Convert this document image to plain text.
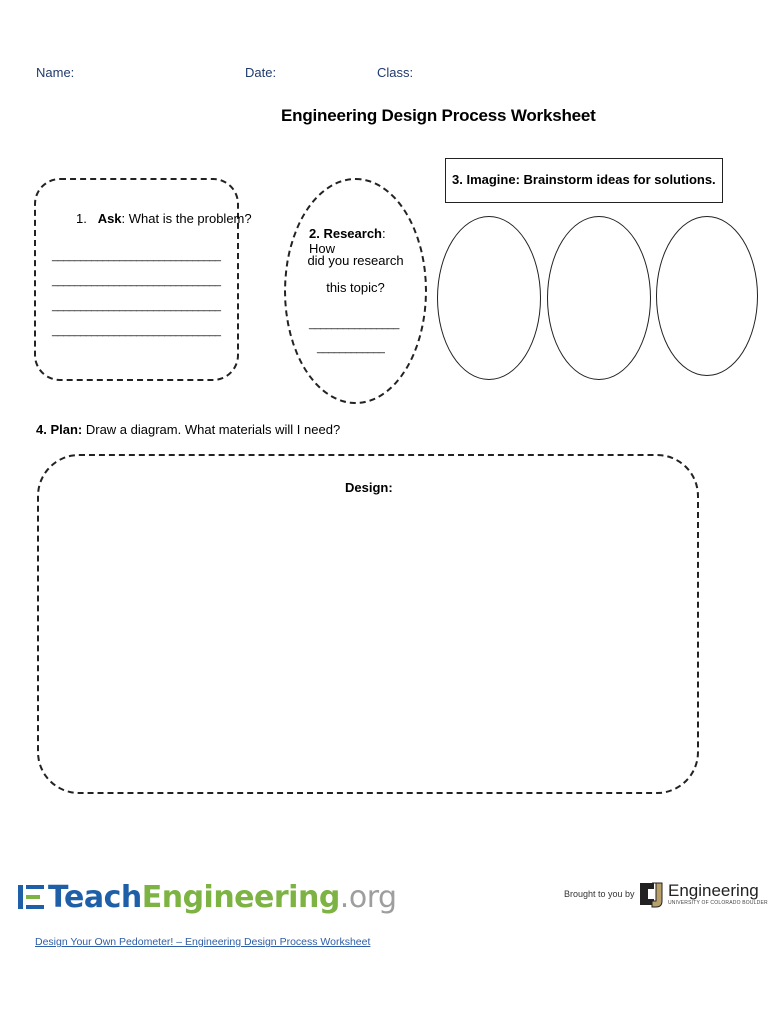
Name:	Date:	Class:
Engineering Design Process Worksheet
1. Ask: What is the problem?
______________________________
______________________________
______________________________
______________________________
2. Research: How
did you research
this topic?
________________
____________
3. Imagine: Brainstorm ideas for solutions.
4. Plan: Draw a diagram. What materials will I need?
Design:
Teach Engineering .org	Brought to you by Engineering
UNIVERSITY OF COLORADO BOULDER
Design Your Own Pedometer! – Engineering Design Process Worksheet
